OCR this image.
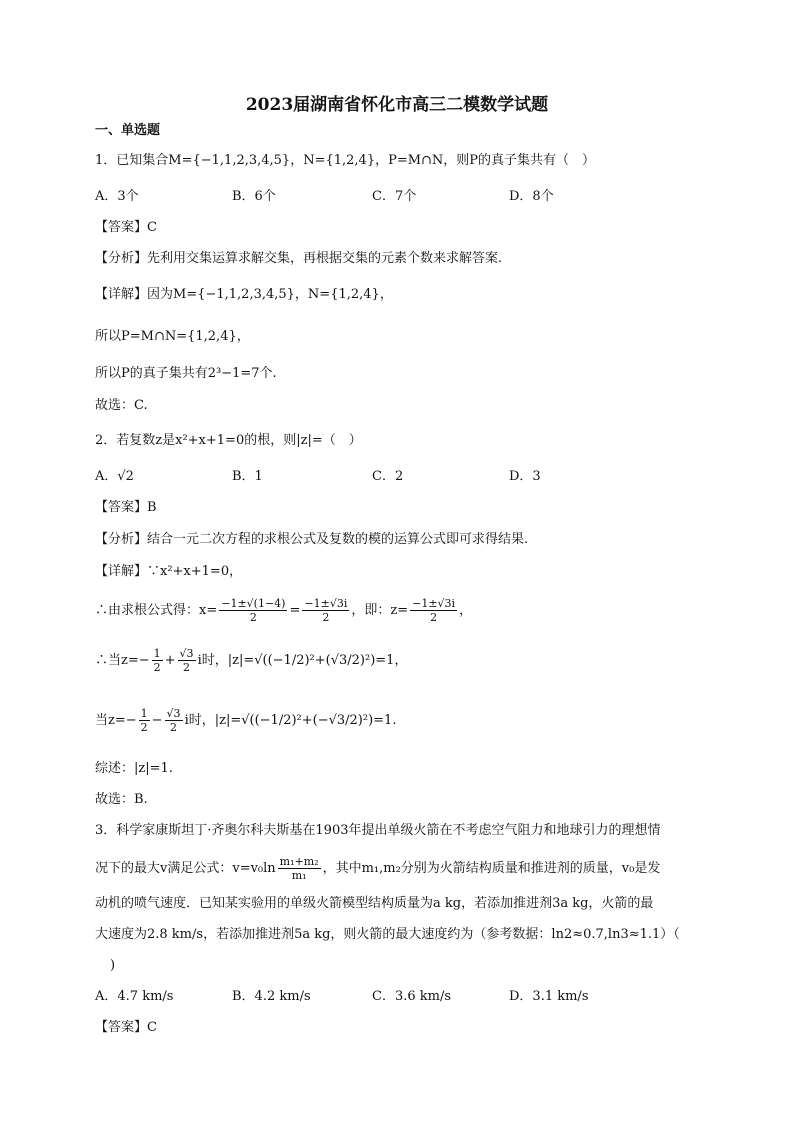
2023届湖南省怀化市高三二模数学试题
一、单选题
1．已知集合M={−1,1,2,3,4,5}，N={1,2,4}，P=M∩N，则P的真子集共有（　）
A．3个	B．6个	C．7个	D．8个
【答案】C
【分析】先利用交集运算求解交集，再根据交集的元素个数来求解答案.
【详解】因为M={−1,1,2,3,4,5}，N={1,2,4}，
所以P=M∩N={1,2,4}，
所以P的真子集共有2³−1=7个.
故选：C.
2．若复数z是x²+x+1=0的根，则|z|=（　）
A．√2	B．1	C．2	D．3
【答案】B
【分析】结合一元二次方程的求根公式及复数的模的运算公式即可求得结果.
【详解】∵x²+x+1=0，
∴由求根公式得：$x= \frac{-1\pm√(1-4)}{2} = \frac{-1\pm√3i}{2}$ ，即：$z= \frac{-1\pm√3i}{2}$ ，
∴当$z=- \frac{1}{2} + \frac{√3}{2}$ i时，|z|=√((−1/2)²+(√3/2)²)=1，
当$z=- \frac{1}{2} - \frac{√3}{2}$ i时，|z|=√((−1/2)²+(−√3/2)²)=1.
综述：|z|=1.
故选：B.
3．科学家康斯坦丁·齐奥尔科夫斯基在1903年提出单级火箭在不考虑空气阻力和地球引力的理想情
况下的最大v满足公式：$v=v_0\ln \frac{\text{m₁+m₂}}{\text{m₁}}$ ，其中m₁,m₂分别为火箭结构质量和推进剂的质量，v₀是发
动机的喷气速度．已知某实验用的单级火箭模型结构质量为a kg，若添加推进剂3a kg，火箭的最
大速度为2.8 km/s，若添加推进剂5a kg，则火箭的最大速度约为（参考数据：ln2≈0.7,ln3≈1.1）（
)
A．4.7 km/s	B．4.2 km/s	C．3.6 km/s	D．3.1 km/s
【答案】C
